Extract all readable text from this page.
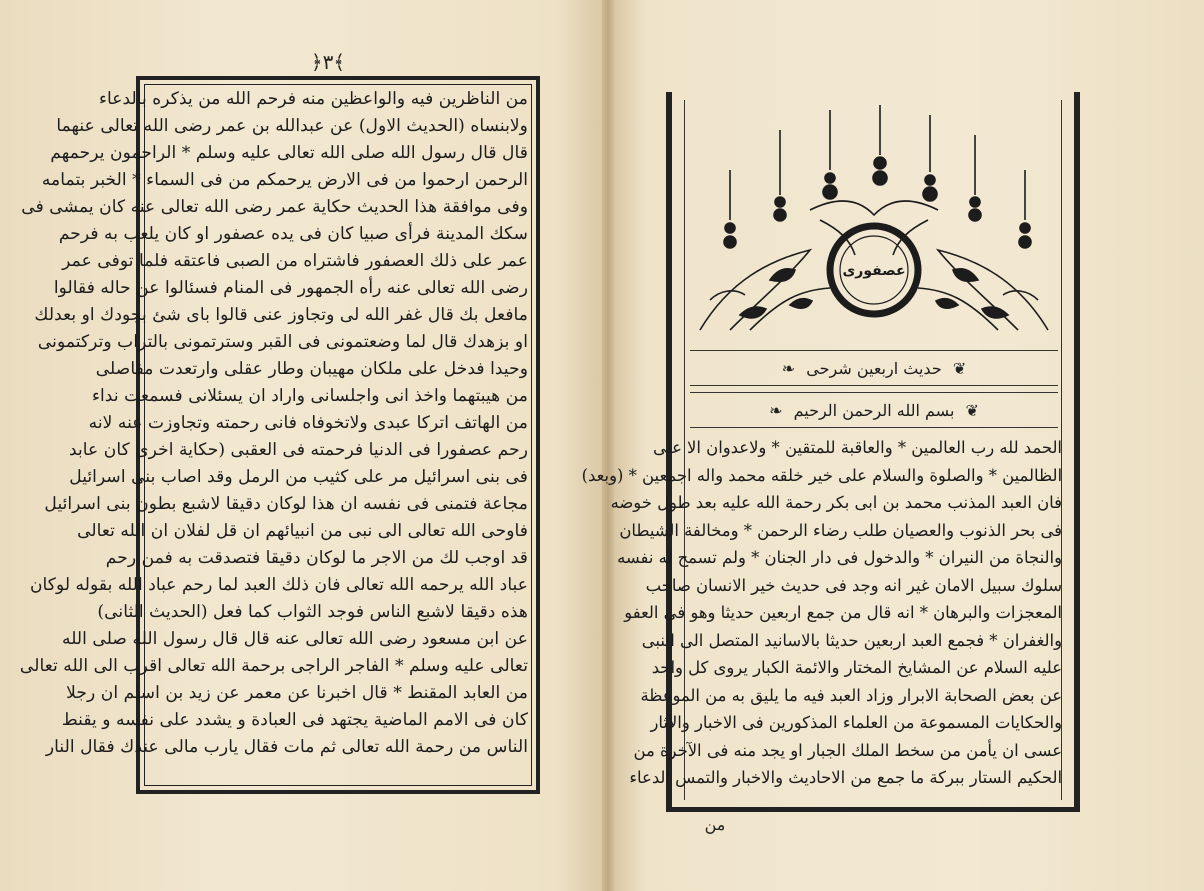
﴿٣﴾
من الناظرين فيه والواعظين منه فرحم الله من يذكره بالدعاء
ولابنساه (الحديث الاول) عن عبدالله بن عمر رضى الله تعالى عنهما
قال قال رسول الله صلى الله تعالى عليه وسلم * الراحمون يرحمهم
الرحمن ارحموا من فى الارض يرحمكم من فى السماء * الخبر بتمامه
وفى موافقة هذا الحديث حكاية عمر رضى الله تعالى عنه كان يمشى فى
سكك المدينة فرأى صبيا كان فى يده عصفور او كان يلعب به فرحم
عمر على ذلك العصفور فاشتراه من الصبى فاعتقه فلما توفى عمر
رضى الله تعالى عنه رأه الجمهور فى المنام فسئالوا عن حاله فقالوا
مافعل بك قال غفر الله لى وتجاوز عنى قالوا باى شئ بجودك او بعدلك
او بزهدك قال لما وضعتمونى فى القبر وسترتمونى بالتراب وتركتمونى
وحيدا فدخل على ملكان مهيبان وطار عقلى وارتعدت مفاصلى
من هيبتهما واخذ انى واجلسانى واراد ان يسئلانى فسمعت نداء
من الهاتف اتركا عبدى ولاتخوفاه فانى رحمته وتجاوزت عنه لانه
رحم عصفورا فى الدنيا فرحمته فى العقبى (حكاية اخرى كان عابد
فى بنى اسرائيل مر على كثيب من الرمل وقد اصاب بنى اسرائيل
مجاعة فتمنى فى نفسه ان هذا لوكان دقيقا لاشبع بطون بنى اسرائيل
فاوحى الله تعالى الى نبى من انبيائهم ان قل لفلان ان الله تعالى
قد اوجب لك من الاجر ما لوكان دقيقا فتصدقت به فمن رحم
عباد الله يرحمه الله تعالى فان ذلك العبد لما رحم عباد الله بقوله لوكان
هذه دقيقا لاشبع الناس فوجد الثواب كما فعل (الحديث الثانى)
عن ابن مسعود رضى الله تعالى عنه قال قال رسول الله صلى الله
تعالى عليه وسلم * الفاجر الراجى برحمة الله تعالى اقرب الى الله تعالى
من العابد المقنط * قال اخبرنا عن معمر عن زيد بن اسلم ان رجلا
كان فى الامم الماضية يجتهد فى العبادة و يشدد على نفسه و يقنط
الناس من رحمة الله تعالى ثم مات فقال يارب مالى عندك فقال النار
عصفورى
❦ حديث اربعين شرحى ❧
❦ بسم الله الرحمن الرحيم ❧
الحمد لله رب العالمين * والعاقبة للمتقين * ولاعدوان الا على
الظالمين * والصلوة والسلام على خير خلقه محمد واله اجمعين * (وبعد)
فان العبد المذنب محمد بن ابى بكر رحمة الله عليه بعد طول خوضه
فى بحر الذنوب والعصيان طلب رضاء الرحمن * ومخالفة الشيطان
والنجاة من النيران * والدخول فى دار الجنان * ولم تسمح له نفسه
سلوك سبيل الامان غير انه وجد فى حديث خير الانسان صاحب
المعجزات والبرهان * انه قال من جمع اربعين حديثا وهو فى العفو
والغفران * فجمع العبد اربعين حديثا بالاسانيد المتصل الى النبى
عليه السلام عن المشايخ المختار والائمة الكبار يروى كل واحد
عن بعض الصحابة الابرار وزاد العبد فيه ما يليق به من الموعظة
والحكايات المسموعة من العلماء المذكورين فى الاخبار والآثار
عسى ان يأمن من سخط الملك الجبار او يجد منه فى الآخرة من
الحكيم الستار ببركة ما جمع من الاحاديث والاخبار والتمس الدعاء
من
